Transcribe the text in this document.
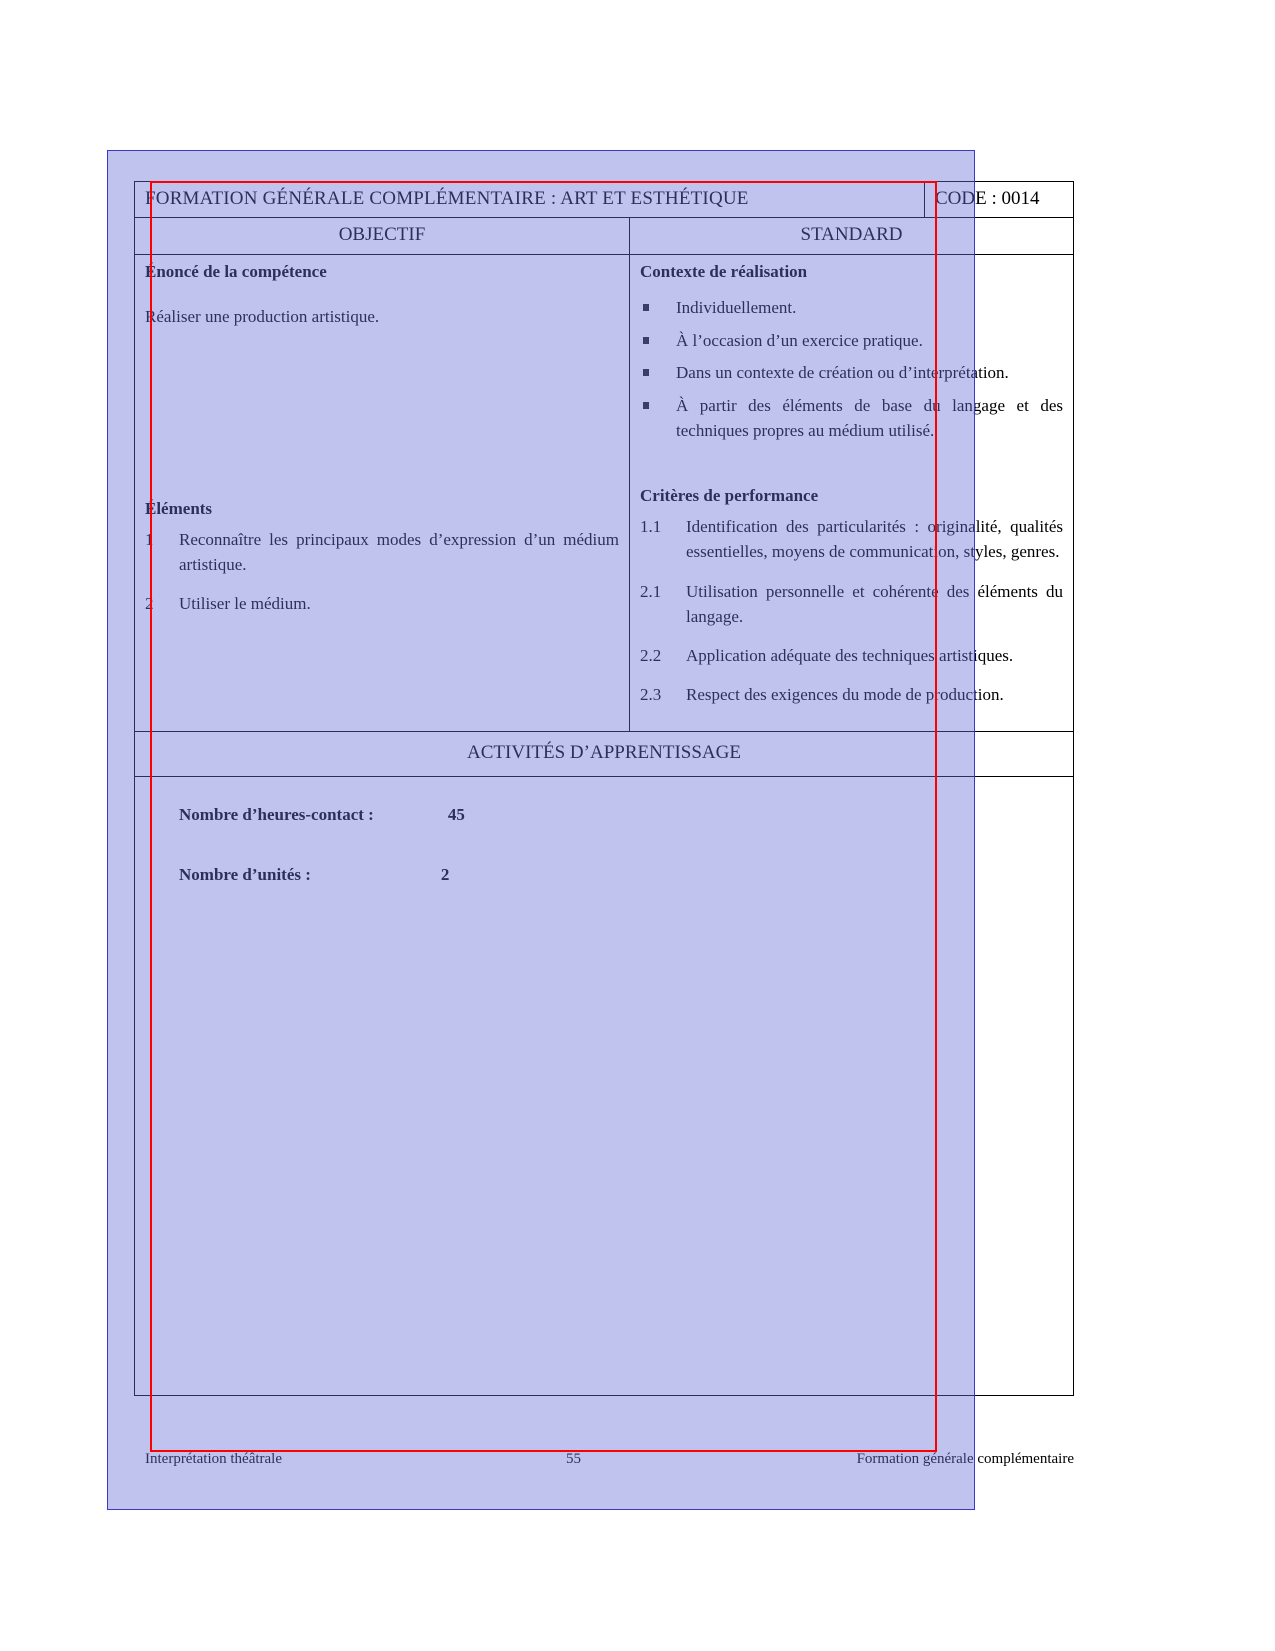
FORMATION GÉNÉRALE COMPLÉMENTAIRE : ART ET ESTHÉTIQUE	CODE : 0014
OBJECTIF	STANDARD

Énoncé de la compétence
Réaliser une production artistique.
Éléments
1	Reconnaître les principaux modes d’expression d’un médium artistique.
2	Utiliser le médium.

Contexte de réalisation
Individuellement.
À l’occasion d’un exercice pratique.
Dans un contexte de création ou d’interprétation.
À partir des éléments de base du langage et des techniques propres au médium utilisé.
Critères de performance
1.1	Identification des particularités : originalité, qualités essentielles, moyens de communication, styles, genres.
2.1	Utilisation personnelle et cohérente des éléments du langage.
2.2	Application adéquate des techniques artistiques.
2.3	Respect des exigences du mode de production.

ACTIVITÉS D’APPRENTISSAGE

Nombre d’heures-contact :	45

Nombre d’unités :	2

Interprétation théâtrale	55	Formation générale complémentaire
